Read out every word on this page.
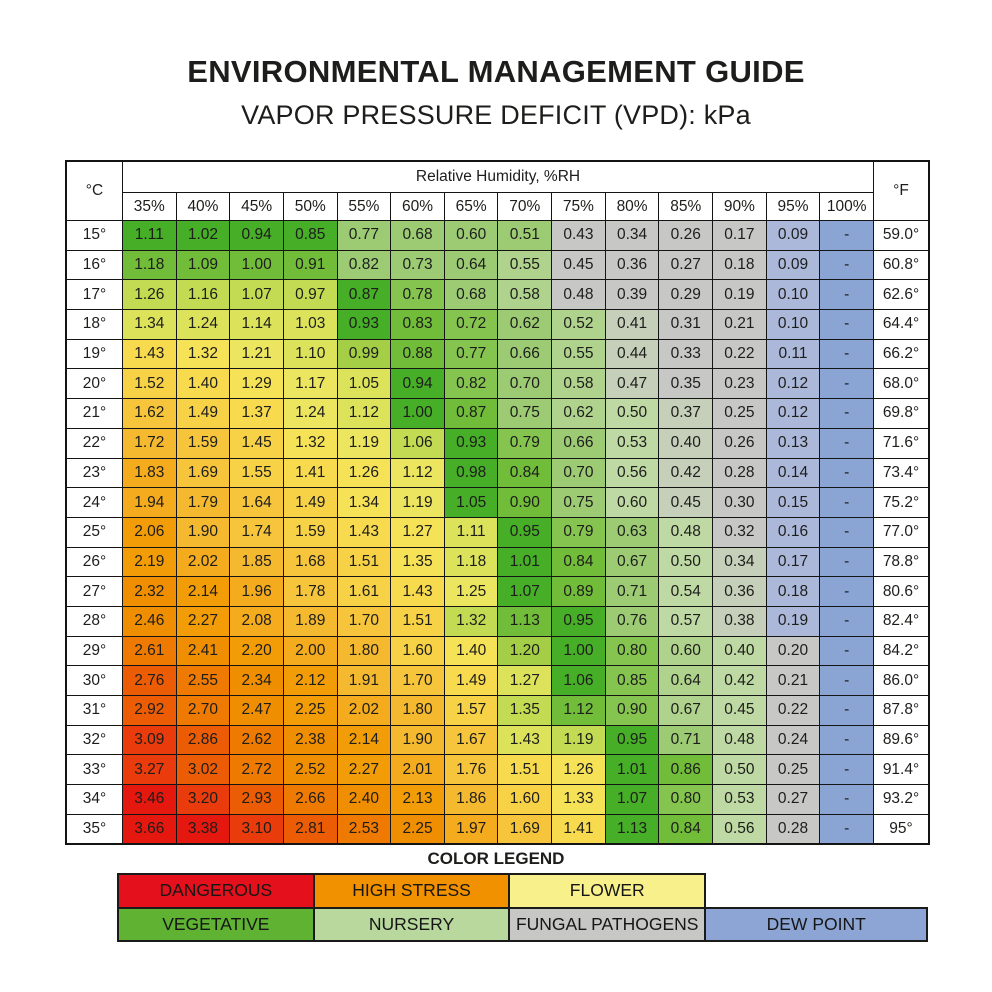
ENVIRONMENTAL MANAGEMENT GUIDE
VAPOR PRESSURE DEFICIT (VPD): kPa
°C	Relative Humidity, %RH														°F
	35%	40%	45%	50%	55%	60%	65%	70%	75%	80%	85%	90%	95%	100%	
15°	1.11	1.02	0.94	0.85	0.77	0.68	0.60	0.51	0.43	0.34	0.26	0.17	0.09	-	59.0°
16°	1.18	1.09	1.00	0.91	0.82	0.73	0.64	0.55	0.45	0.36	0.27	0.18	0.09	-	60.8°
17°	1.26	1.16	1.07	0.97	0.87	0.78	0.68	0.58	0.48	0.39	0.29	0.19	0.10	-	62.6°
18°	1.34	1.24	1.14	1.03	0.93	0.83	0.72	0.62	0.52	0.41	0.31	0.21	0.10	-	64.4°
19°	1.43	1.32	1.21	1.10	0.99	0.88	0.77	0.66	0.55	0.44	0.33	0.22	0.11	-	66.2°
20°	1.52	1.40	1.29	1.17	1.05	0.94	0.82	0.70	0.58	0.47	0.35	0.23	0.12	-	68.0°
21°	1.62	1.49	1.37	1.24	1.12	1.00	0.87	0.75	0.62	0.50	0.37	0.25	0.12	-	69.8°
22°	1.72	1.59	1.45	1.32	1.19	1.06	0.93	0.79	0.66	0.53	0.40	0.26	0.13	-	71.6°
23°	1.83	1.69	1.55	1.41	1.26	1.12	0.98	0.84	0.70	0.56	0.42	0.28	0.14	-	73.4°
24°	1.94	1.79	1.64	1.49	1.34	1.19	1.05	0.90	0.75	0.60	0.45	0.30	0.15	-	75.2°
25°	2.06	1.90	1.74	1.59	1.43	1.27	1.11	0.95	0.79	0.63	0.48	0.32	0.16	-	77.0°
26°	2.19	2.02	1.85	1.68	1.51	1.35	1.18	1.01	0.84	0.67	0.50	0.34	0.17	-	78.8°
27°	2.32	2.14	1.96	1.78	1.61	1.43	1.25	1.07	0.89	0.71	0.54	0.36	0.18	-	80.6°
28°	2.46	2.27	2.08	1.89	1.70	1.51	1.32	1.13	0.95	0.76	0.57	0.38	0.19	-	82.4°
29°	2.61	2.41	2.20	2.00	1.80	1.60	1.40	1.20	1.00	0.80	0.60	0.40	0.20	-	84.2°
30°	2.76	2.55	2.34	2.12	1.91	1.70	1.49	1.27	1.06	0.85	0.64	0.42	0.21	-	86.0°
31°	2.92	2.70	2.47	2.25	2.02	1.80	1.57	1.35	1.12	0.90	0.67	0.45	0.22	-	87.8°
32°	3.09	2.86	2.62	2.38	2.14	1.90	1.67	1.43	1.19	0.95	0.71	0.48	0.24	-	89.6°
33°	3.27	3.02	2.72	2.52	2.27	2.01	1.76	1.51	1.26	1.01	0.86	0.50	0.25	-	91.4°
34°	3.46	3.20	2.93	2.66	2.40	2.13	1.86	1.60	1.33	1.07	0.80	0.53	0.27	-	93.2°
35°	3.66	3.38	3.10	2.81	2.53	2.25	1.97	1.69	1.41	1.13	0.84	0.56	0.28	-	95°
COLOR LEGEND
DANGEROUS	HIGH STRESS	FLOWER
VEGETATIVE	NURSERY	FUNGAL PATHOGENS	DEW POINT
